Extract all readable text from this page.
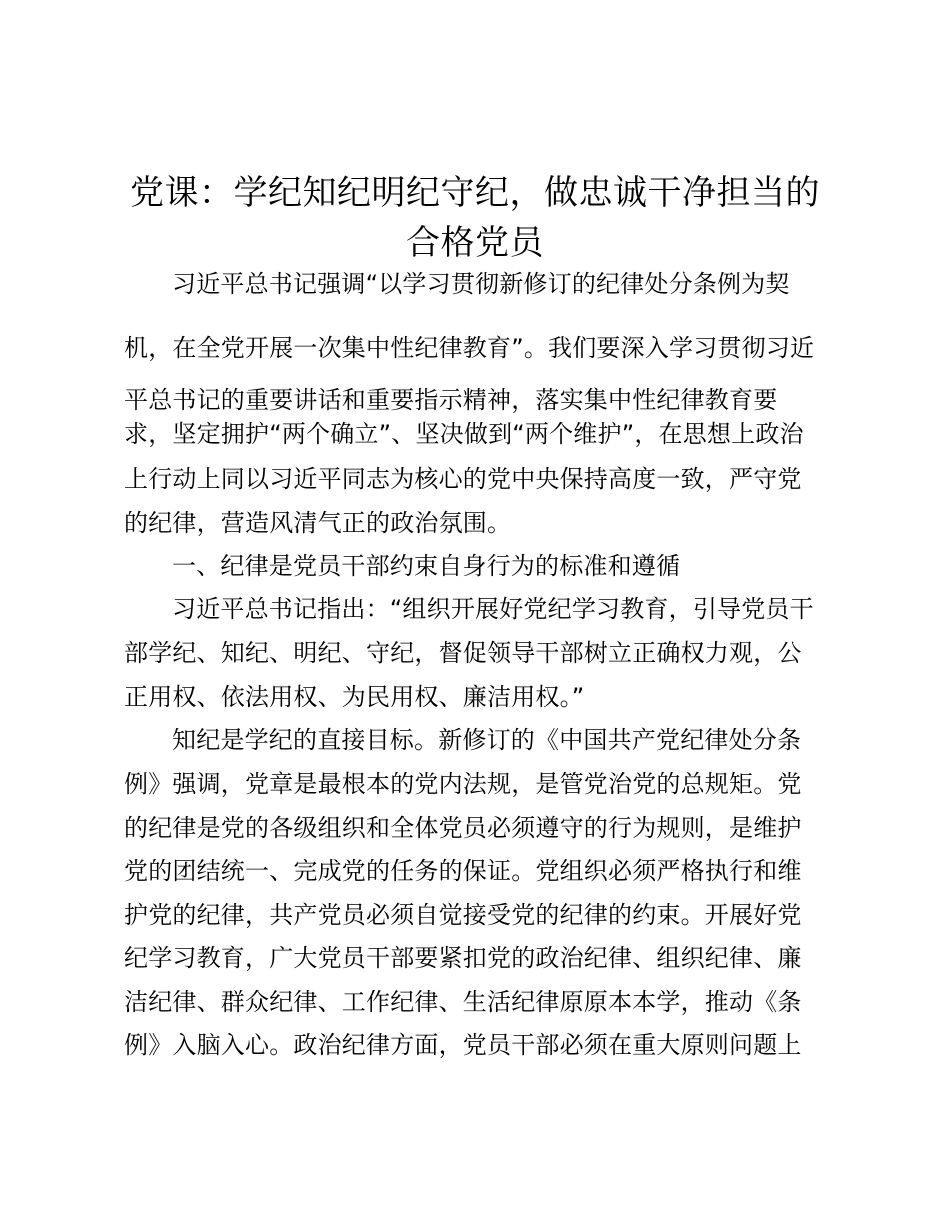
党课：学纪知纪明纪守纪，做忠诚干净担当的
合格党员
习近平总书记强调“以学习贯彻新修订的纪律处分条例为契
机，在全党开展一次集中性纪律教育”。我们要深入学习贯彻习近
平总书记的重要讲话和重要指示精神，落实集中性纪律教育要
求，坚定拥护“两个确立”、坚决做到“两个维护”，在思想上政治
上行动上同以习近平同志为核心的党中央保持高度一致，严守党
的纪律，营造风清气正的政治氛围。
一、纪律是党员干部约束自身行为的标准和遵循
习近平总书记指出：“组织开展好党纪学习教育，引导党员干
部学纪、知纪、明纪、守纪，督促领导干部树立正确权力观，公
正用权、依法用权、为民用权、廉洁用权。”
知纪是学纪的直接目标。新修订的《中国共产党纪律处分条
例》强调，党章是最根本的党内法规，是管党治党的总规矩。党
的纪律是党的各级组织和全体党员必须遵守的行为规则，是维护
党的团结统一、完成党的任务的保证。党组织必须严格执行和维
护党的纪律，共产党员必须自觉接受党的纪律的约束。开展好党
纪学习教育，广大党员干部要紧扣党的政治纪律、组织纪律、廉
洁纪律、群众纪律、工作纪律、生活纪律原原本本学，推动《条
例》入脑入心。政治纪律方面，党员干部必须在重大原则问题上
